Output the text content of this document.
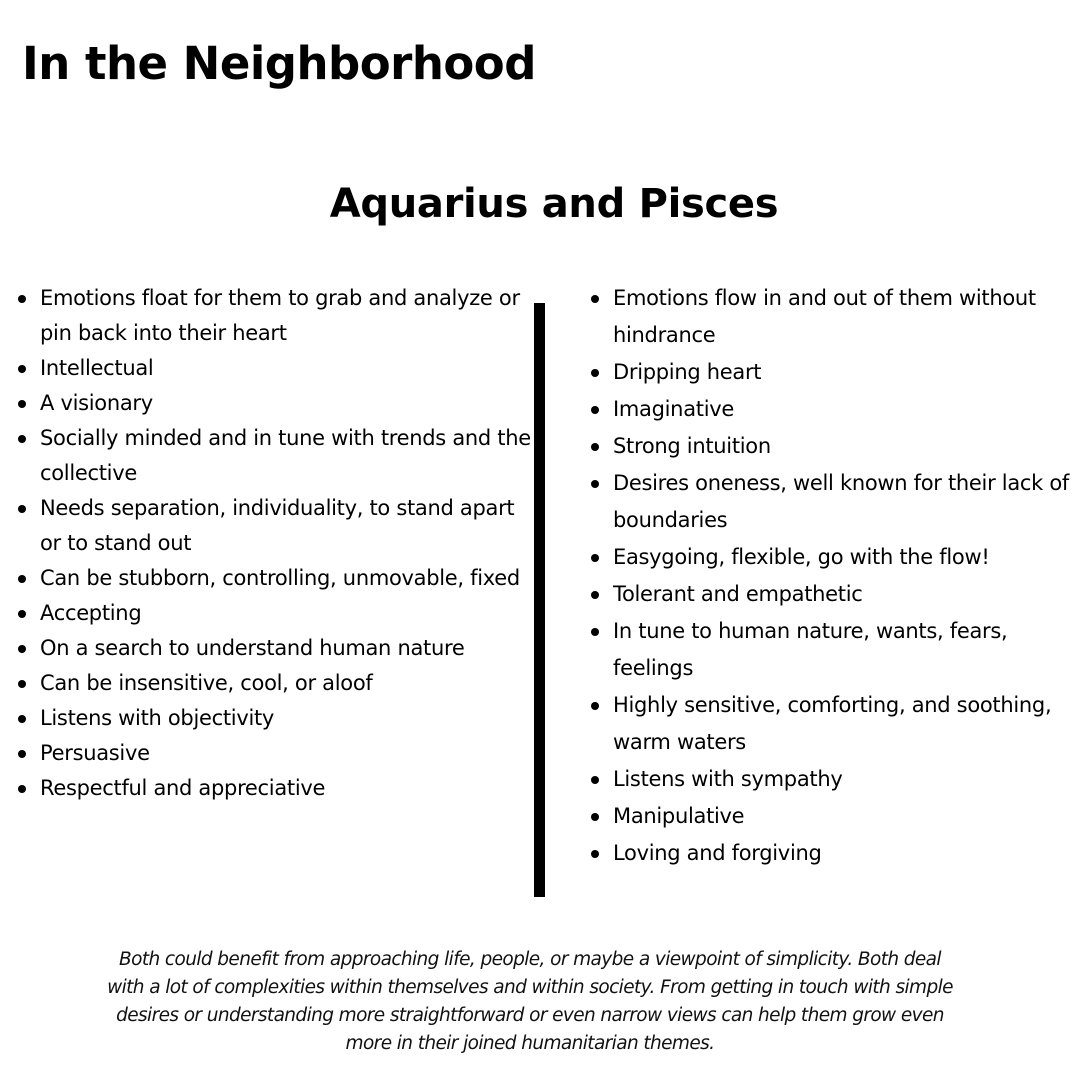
In the Neighborhood
Aquarius and Pisces
Emotions float for them to grab and analyze or pin back into their heart
Intellectual
A visionary
Socially minded and in tune with trends and the collective
Needs separation, individuality, to stand apart or to stand out
Can be stubborn, controlling, unmovable, fixed
Accepting
On a search to understand human nature
Can be insensitive, cool, or aloof
Listens with objectivity
Persuasive
Respectful and appreciative
Emotions flow in and out of them without hindrance
Dripping heart
Imaginative
Strong intuition
Desires oneness, well known for their lack of boundaries
Easygoing, flexible, go with the flow!
Tolerant and empathetic
In tune to human nature, wants, fears, feelings
Highly sensitive, comforting, and soothing, warm waters
Listens with sympathy
Manipulative
Loving and forgiving

Both could benefit from approaching life, people, or maybe a viewpoint of simplicity. Both deal with a lot of complexities within themselves and within society. From getting in touch with simple desires or understanding more straightforward or even narrow views can help them grow even more in their joined humanitarian themes.
